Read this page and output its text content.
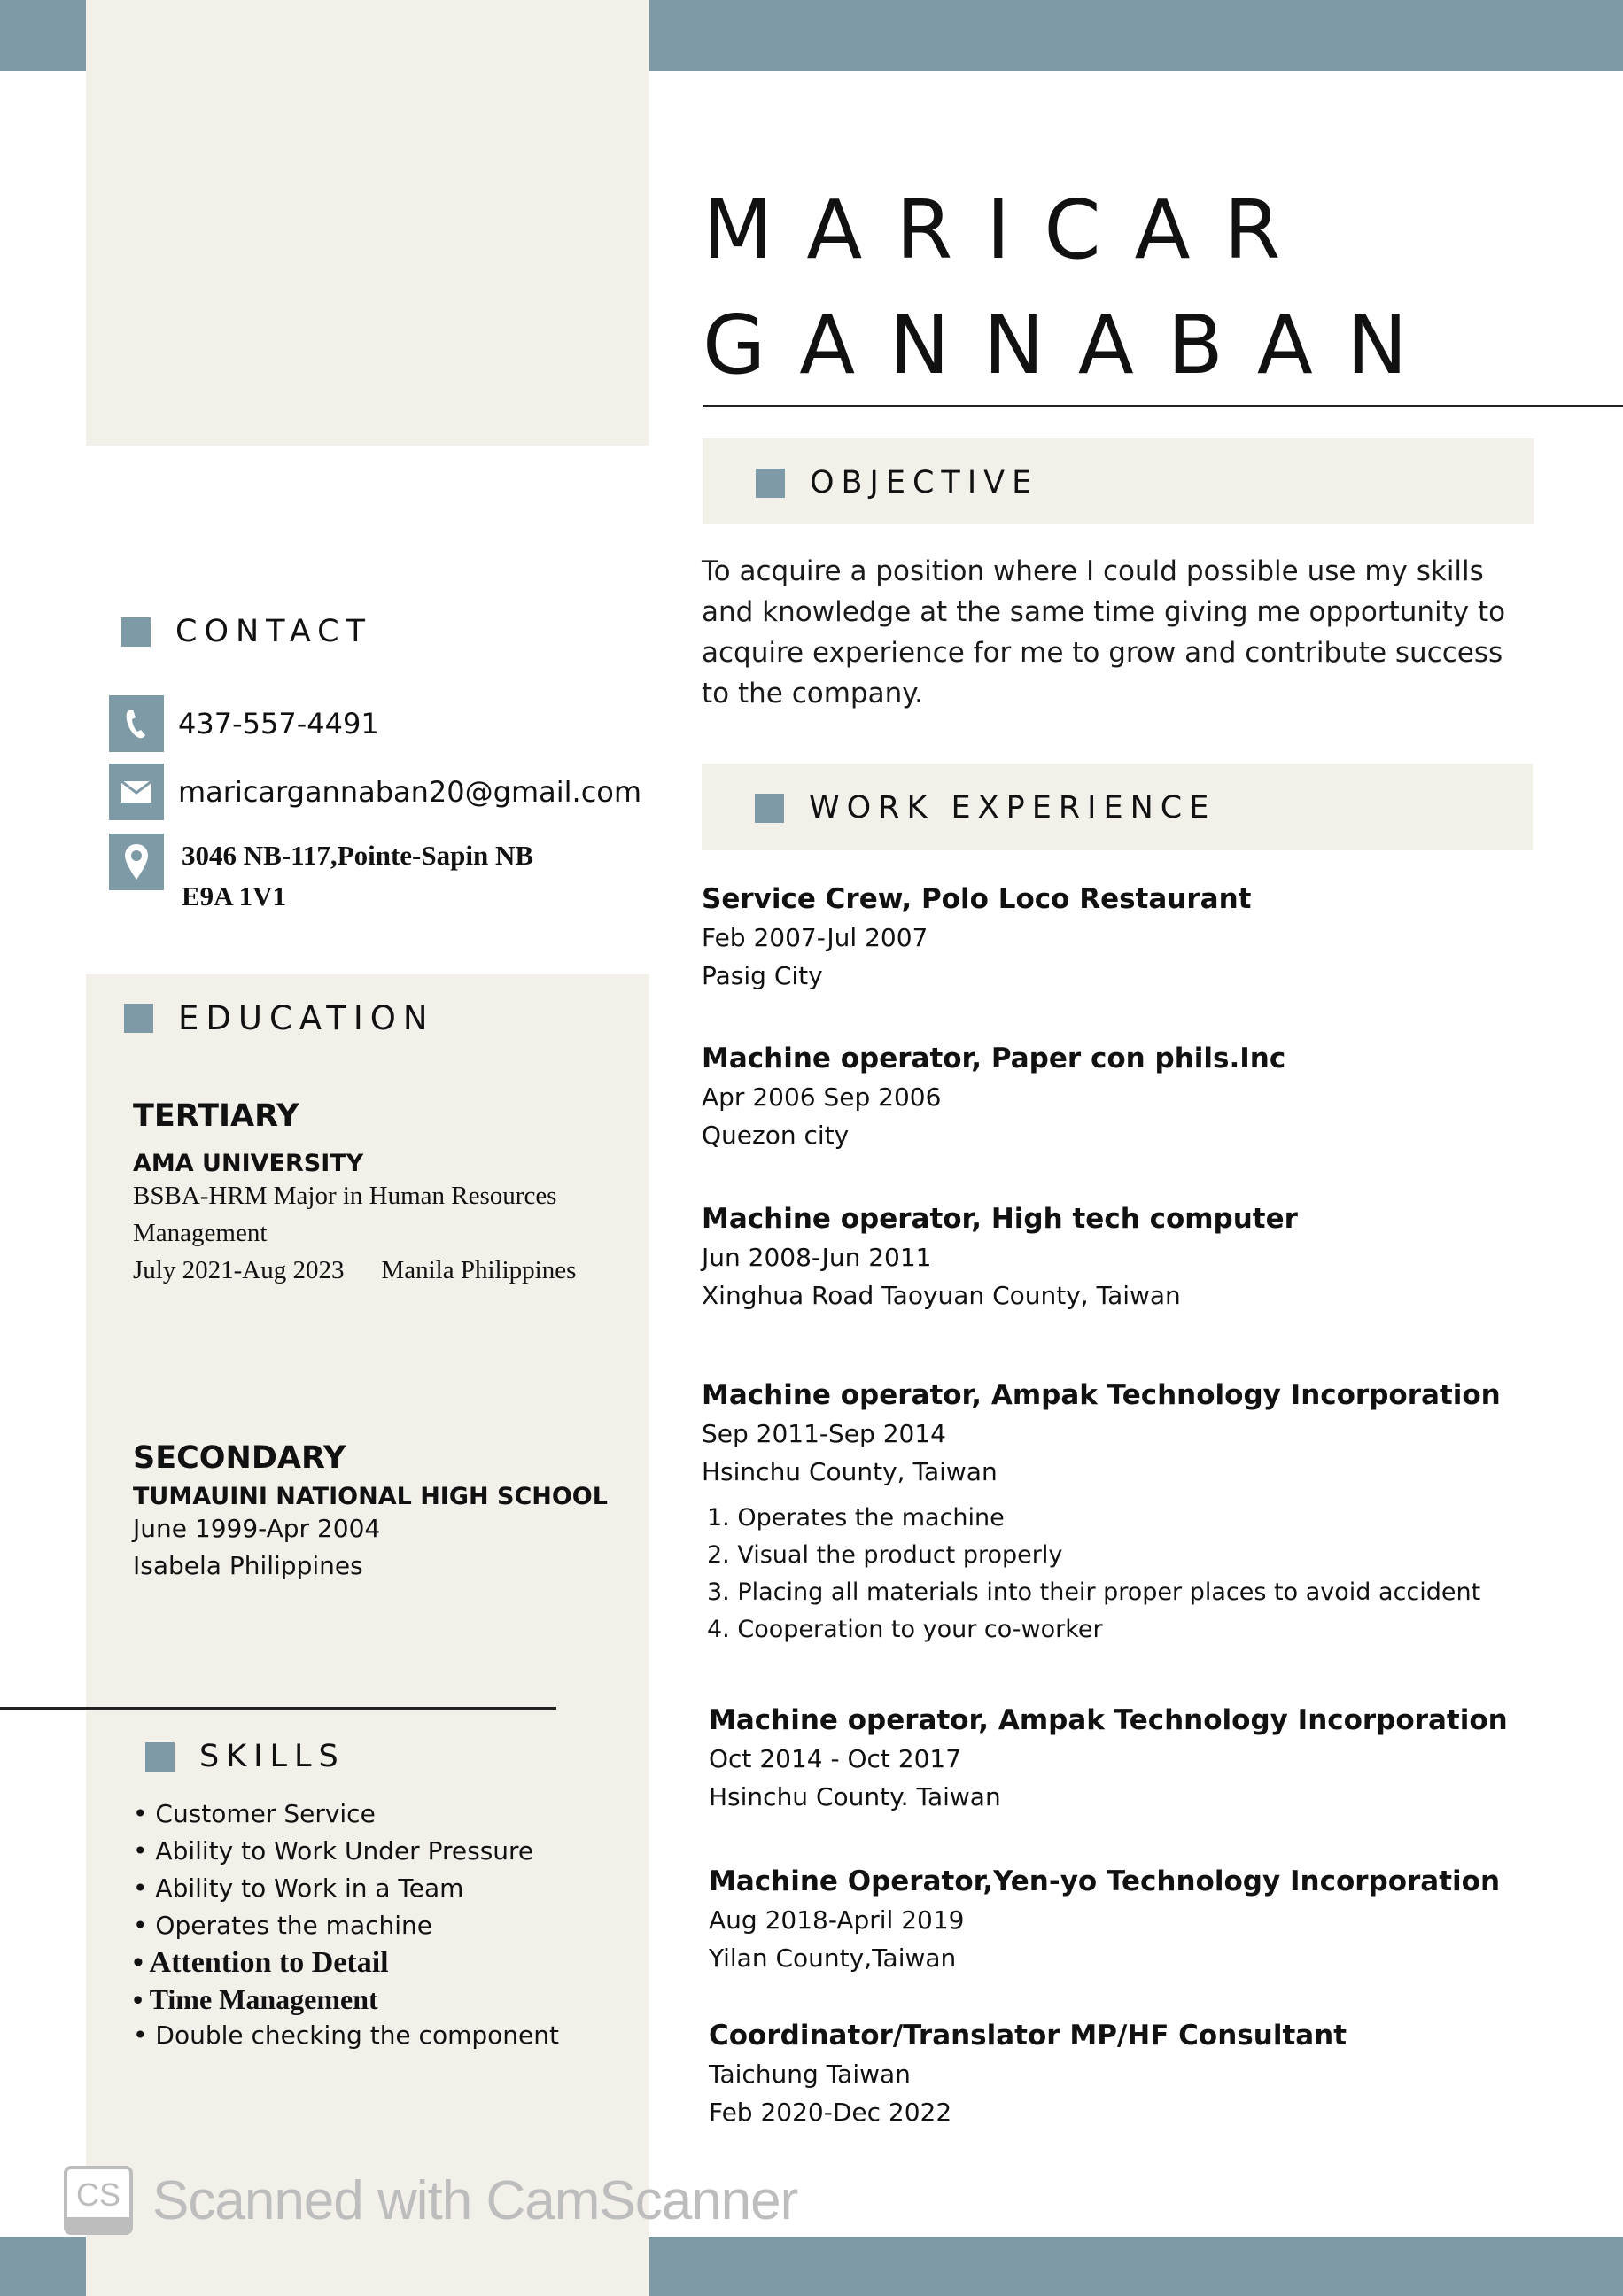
MARICAR
GANNABAN
OBJECTIVE
To acquire a position where I could possible use my skills and knowledge at the same time giving me opportunity to acquire experience for me to grow and contribute success to the company.
CONTACT
437-557-4491
maricargannaban20@gmail.com
3046 NB-117,Pointe-Sapin NB
E9A 1V1
EDUCATION
TERTIARY
AMA UNIVERSITY
BSBA-HRM Major in Human Resources
Management
July 2021-Aug 2023 Manila Philippines
SECONDARY
TUMAUINI NATIONAL HIGH SCHOOL
June 1999-Apr 2004
Isabela Philippines
SKILLS
• Customer Service
• Ability to Work Under Pressure
• Ability to Work in a Team
• Operates the machine
• Attention to Detail
• Time Management
• Double checking the component
WORK EXPERIENCE
Service Crew, Polo Loco Restaurant
Feb 2007-Jul 2007
Pasig City
Machine operator, Paper con phils.Inc
Apr 2006 Sep 2006
Quezon city
Machine operator, High tech computer
Jun 2008-Jun 2011
Xinghua Road Taoyuan County, Taiwan
Machine operator, Ampak Technology Incorporation
Sep 2011-Sep 2014
Hsinchu County, Taiwan
1. Operates the machine
2. Visual the product properly
3. Placing all materials into their proper places to avoid accident
4. Cooperation to your co-worker
Machine operator, Ampak Technology Incorporation
Oct 2014 - Oct 2017
Hsinchu County. Taiwan
Machine Operator,Yen-yo Technology Incorporation
Aug 2018-April 2019
Yilan County,Taiwan
Coordinator/Translator MP/HF Consultant
Taichung Taiwan
Feb 2020-Dec 2022
CS Scanned with CamScanner
